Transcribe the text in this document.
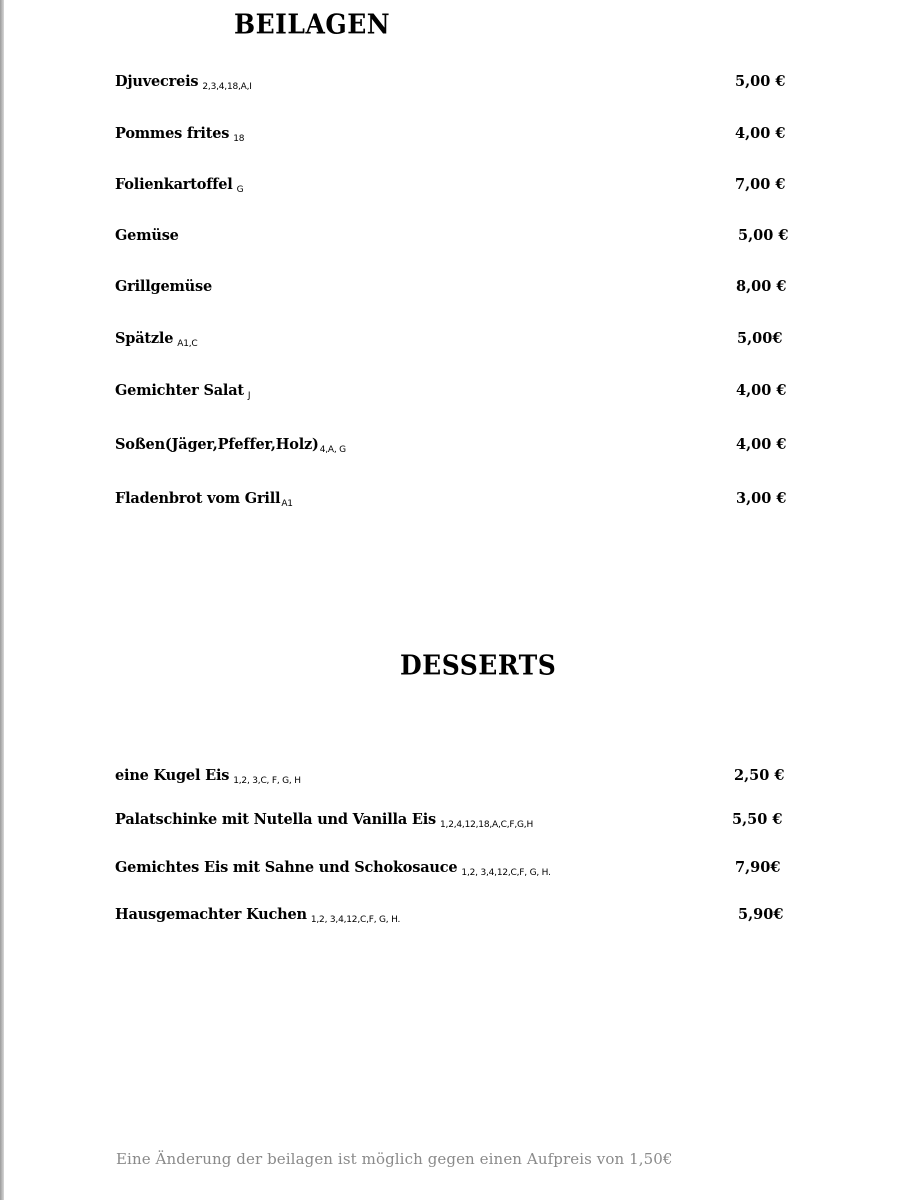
BEILAGEN
Djuvecreis $_{2,3,4,18,A,I}$	5,00 €
Pommes frites $_{18}$	4,00 €
Folienkartoffel $_G$	7,00 €
Gemüse	5,00 €
Grillgemüse	8,00 €
Spätzle $_{A1,C}$	5,00€
Gemichter Salat $_J$	4,00 €
$Soßen(Jäger,Pfeffer,Holz)_{4,A, G}$	4,00 €
Fladenbrot vom Grill$_{A1}$	3,00 €
DESSERTS
eine Kugel Eis $_{1,2, 3,C, F, G, H}$	2,50 €
Palatschinke mit Nutella und Vanilla Eis $_{1,2,4,12,18,A,C,F,G,H}$	5,50 €
Gemichtes Eis mit Sahne und Schokosauce $_{1,2, 3,4,12,C,F, G, H.}$	7,90€
Hausgemachter Kuchen $_{1,2, 3,4,12,C,F, G, H.}$	5,90€
Eine Änderung der beilagen ist möglich gegen einen Aufpreis von 1,50€
